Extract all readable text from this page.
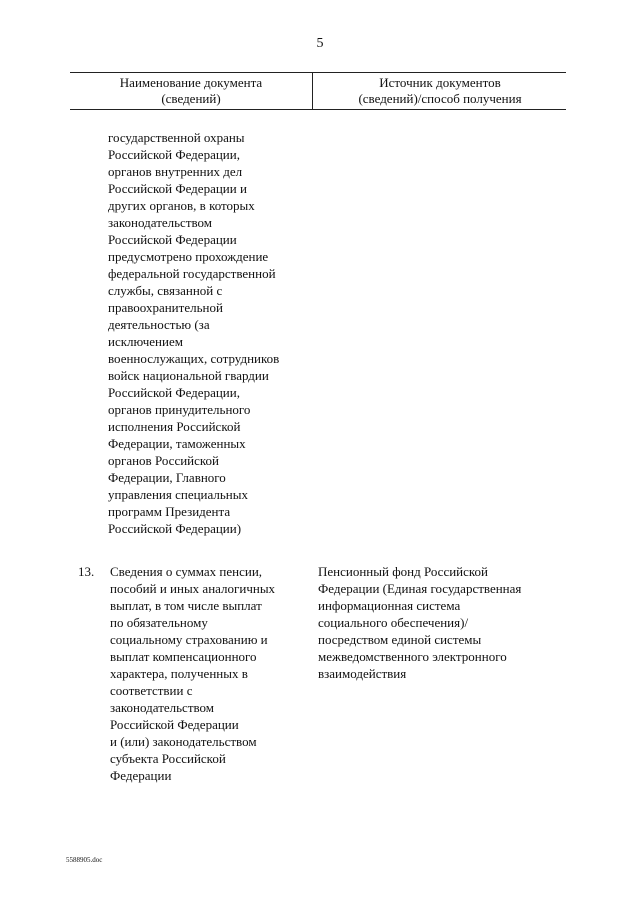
5
Наименование документа
(сведений)
Источник документов
(сведений)/способ получения
государственной охраны
Российской Федерации,
органов внутренних дел
Российской Федерации и
других органов, в которых
законодательством
Российской Федерации
предусмотрено прохождение
федеральной государственной
службы, связанной с
правоохранительной
деятельностью (за
исключением
военнослужащих, сотрудников
войск национальной гвардии
Российской Федерации,
органов принудительного
исполнения Российской
Федерации, таможенных
органов Российской
Федерации, Главного
управления специальных
программ Президента
Российской Федерации)
13. Сведения о суммах пенсии,
пособий и иных аналогичных
выплат, в том числе выплат
по обязательному
социальному страхованию и
выплат компенсационного
характера, полученных в
соответствии с
законодательством
Российской Федерации
и (или) законодательством
субъекта Российской
Федерации
Пенсионный фонд Российской
Федерации (Единая государственная
информационная система
социального обеспечения)/
посредством единой системы
межведомственного электронного
взаимодействия
5588905.doc
